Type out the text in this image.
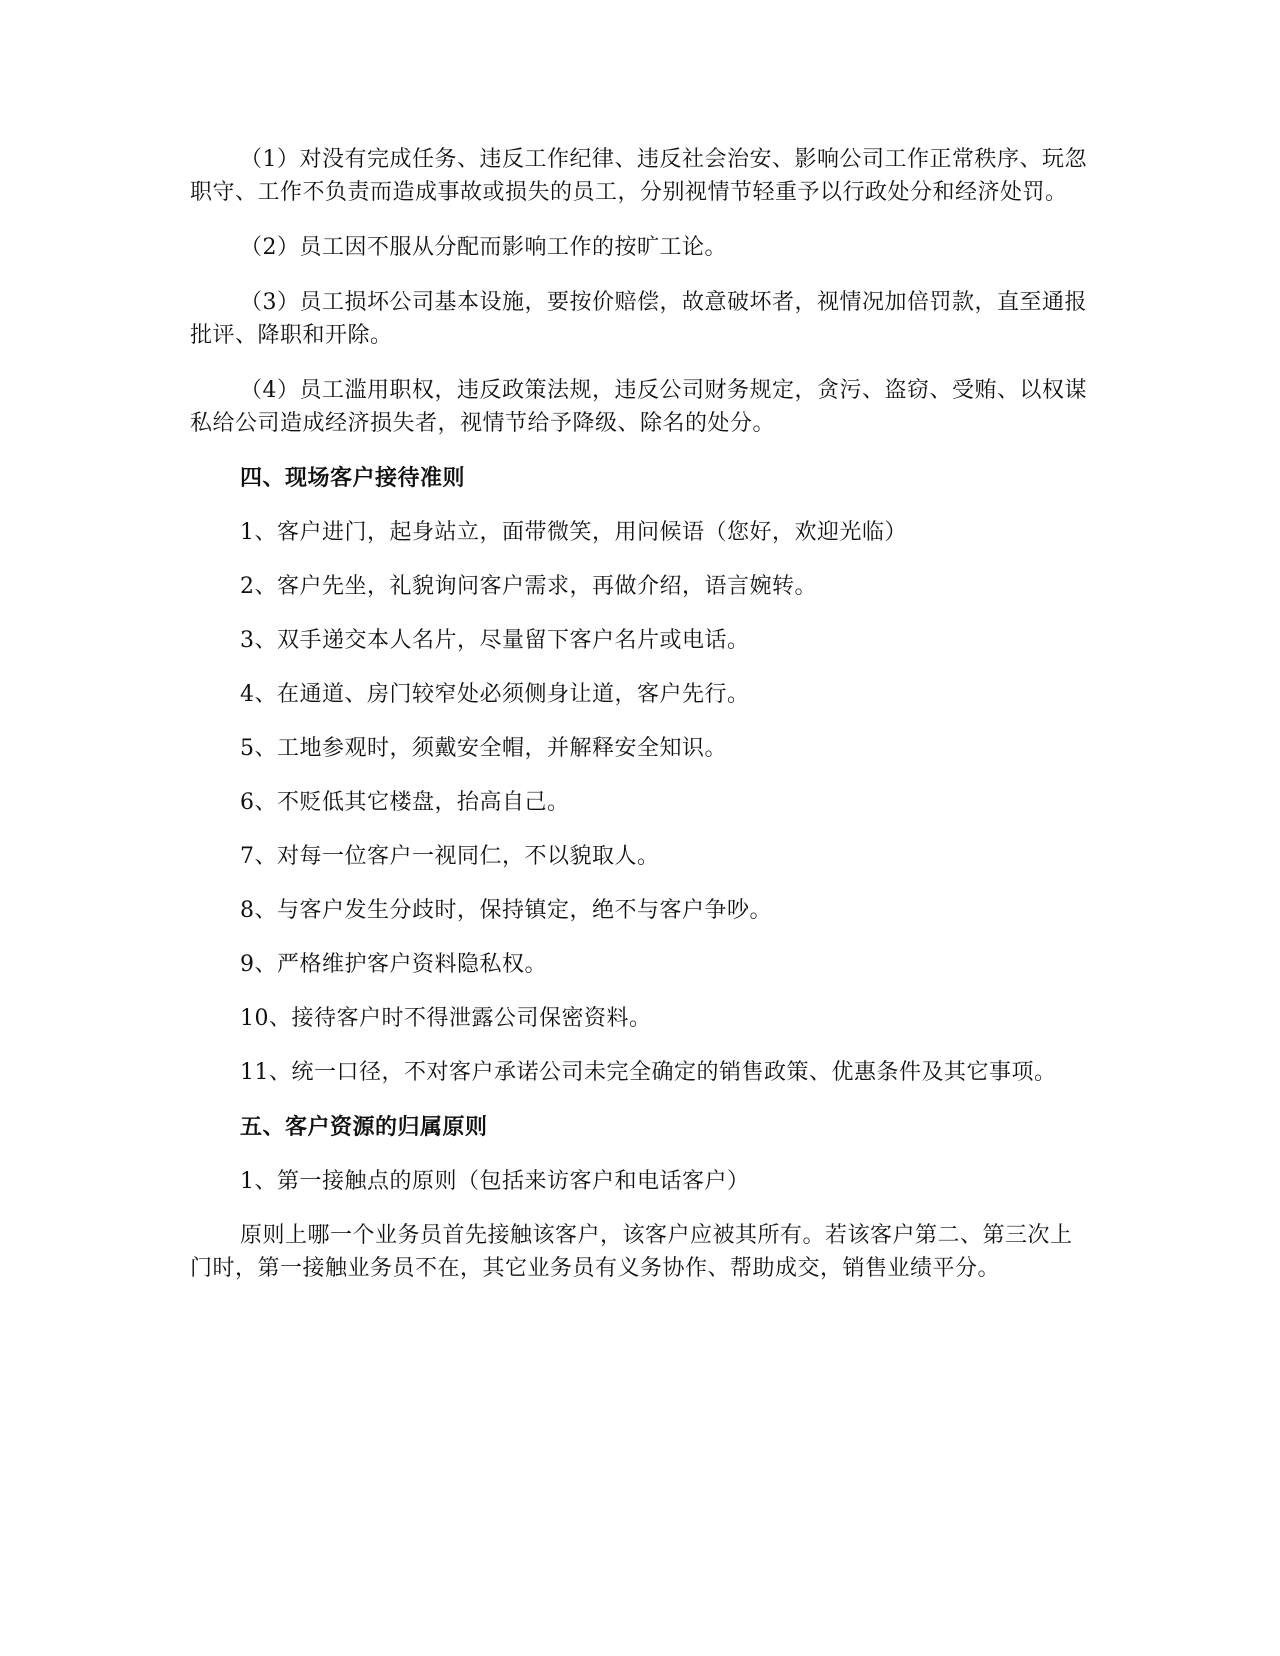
（1）对没有完成任务、违反工作纪律、违反社会治安、影响公司工作正常秩序、玩忽职守、工作不负责而造成事故或损失的员工，分别视情节轻重予以行政处分和经济处罚。

（2）员工因不服从分配而影响工作的按旷工论。

（3）员工损坏公司基本设施，要按价赔偿，故意破坏者，视情况加倍罚款，直至通报批评、降职和开除。

（4）员工滥用职权，违反政策法规，违反公司财务规定，贪污、盗窃、受贿、以权谋私给公司造成经济损失者，视情节给予降级、除名的处分。

四、现场客户接待准则

1、客户进门，起身站立，面带微笑，用问候语（您好，欢迎光临）

2、客户先坐，礼貌询问客户需求，再做介绍，语言婉转。

3、双手递交本人名片，尽量留下客户名片或电话。

4、在通道、房门较窄处必须侧身让道，客户先行。

5、工地参观时，须戴安全帽，并解释安全知识。

6、不贬低其它楼盘，抬高自己。

7、对每一位客户一视同仁，不以貌取人。

8、与客户发生分歧时，保持镇定，绝不与客户争吵。

9、严格维护客户资料隐私权。

10、接待客户时不得泄露公司保密资料。

11、统一口径，不对客户承诺公司未完全确定的销售政策、优惠条件及其它事项。

五、客户资源的归属原则

1、第一接触点的原则（包括来访客户和电话客户）

原则上哪一个业务员首先接触该客户，该客户应被其所有。若该客户第二、第三次上门时，第一接触业务员不在，其它业务员有义务协作、帮助成交，销售业绩平分。
